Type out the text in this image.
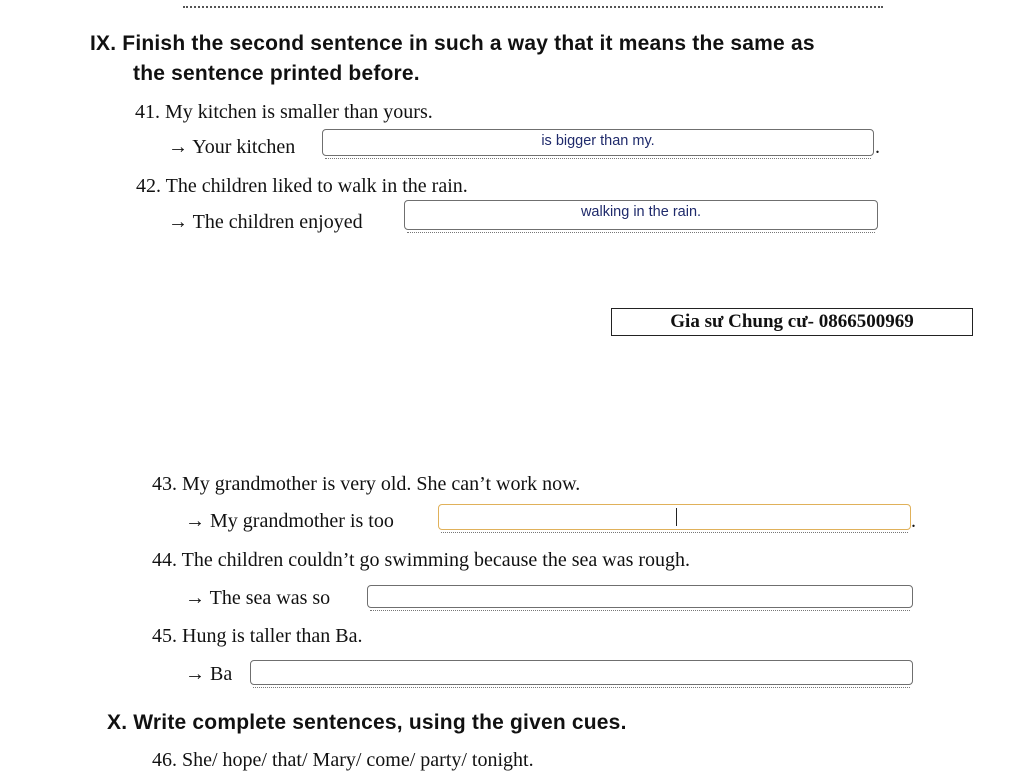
IX. Finish the second sentence in such a way that it means the same as
the sentence printed before.
41. My kitchen is smaller than yours.
→ Your kitchen	is bigger than my.	.
42. The children liked to walk in the rain.
→ The children enjoyed	walking in the rain.
Gia sư Chung cư- 0866500969
43. My grandmother is very old. She can’t work now.
→ My grandmother is too	.
44. The children couldn’t go swimming because the sea was rough.
→ The sea was so
45. Hung is taller than Ba.
→ Ba
X. Write complete sentences, using the given cues.
46. She/ hope/ that/ Mary/ come/ party/ tonight.
